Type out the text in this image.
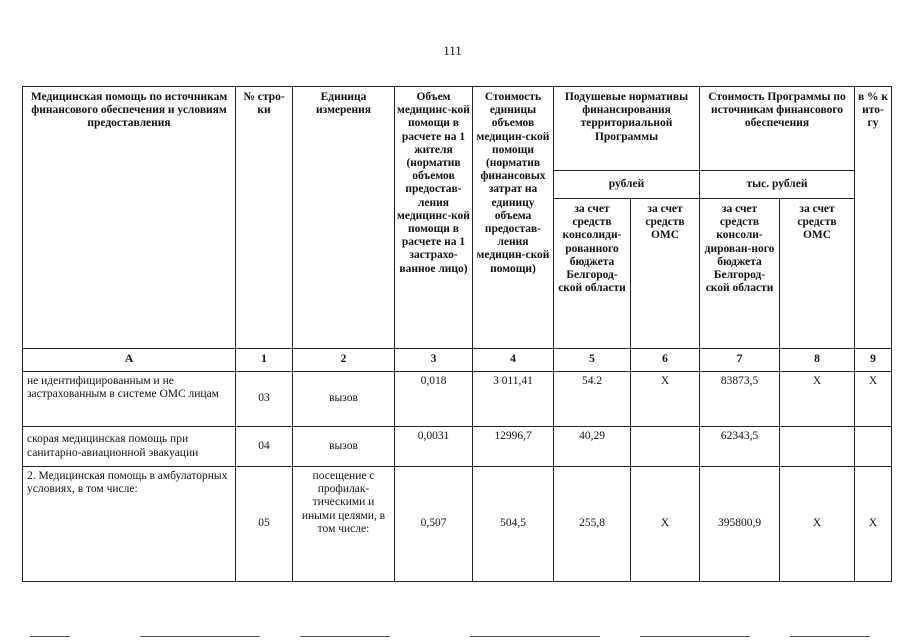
111
Медицинская помощь по источникам финансового обеспечения и условиям предоставления	№ стро-ки	Единица измерения	Объем медицинс-кой помощи в расчете на 1 жителя (норматив объемов предостав-ления медицинс-кой помощи в расчете на 1 застрахо-ванное лицо)	Стоимость единицы объемов медицин-ской помощи (норматив финансовых затрат на единицу объема предостав-ления медицин-ской помощи)	Подушевые нормативы финансирования территориальной Программы		Стоимость Программы по источникам финансового обеспечения		в % к ито-гу
					рублей		тыс. рублей		
					за счет средств консолиди-рованного бюджета Белгород-ской области	за счет средств ОМС	за счет средств консоли-дирован-ного бюджета Белгород-ской области	за счет средств ОМС	
А	1	2	3	4	5	6	7	8	9
не идентифицированным и не застрахованным в системе ОМС лицам	03	вызов	0,018	3 011,41	54.2	Х	83873,5	Х	Х
скорая медицинская помощь при санитарно-авиационной эвакуации	04	вызов	0,0031	12996,7	40,29		62343,5		
2. Медицинская помощь в амбулаторных условиях, в том числе:	05	посещение с профилак-тическими и иными целями, в том числе:	0,507	504,5	255,8	Х	395800,9	Х	Х
